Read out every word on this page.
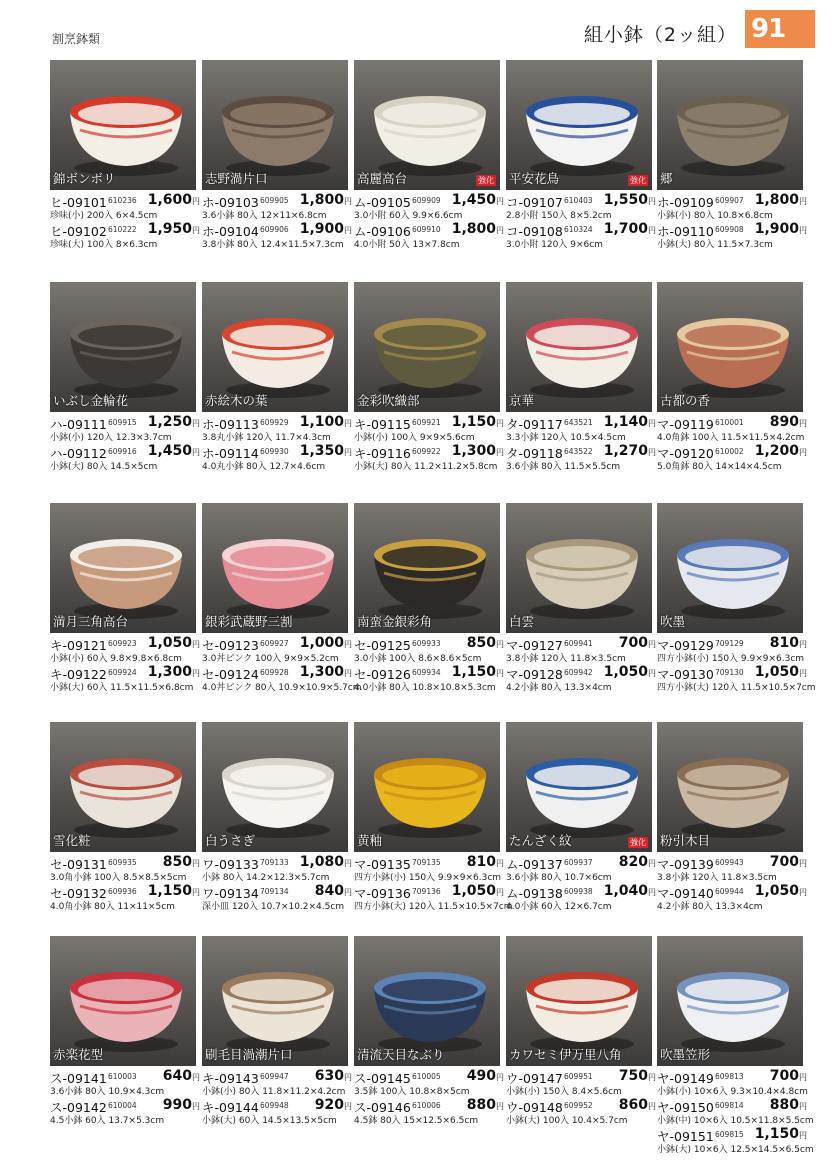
割烹鉢類	組小鉢（2ッ組） 91
錦ボンボリ
ヒ-09101 610236 1,600円
珍味(小) 200入 6×4.5cm
ヒ-09102 610222 1,950円
珍味(大) 100入 8×6.3cm
志野渦片口
ホ-09103 609905 1,800円
3.6小鉢 80入 12×11×6.8cm
ホ-09104 609906 1,900円
3.8小鉢 80入 12.4×11.5×7.3cm
高麗高台	強化
ム-09105 609909 1,450円
3.0小附 60入 9.9×6.6cm
ム-09106 609910 1,800円
4.0小附 50入 13×7.8cm
平安花鳥	強化
コ-09107 610403 1,550円
2.8小附 150入 8×5.2cm
コ-09108 610324 1,700円
3.0小附 120入 9×6cm
郷
ホ-09109 609907 1,800円
小鉢(小) 80入 10.8×6.8cm
ホ-09110 609908 1,900円
小鉢(大) 80入 11.5×7.3cm
いぶし金輪花
ハ-09111 609915 1,250円
小鉢(小) 120入 12.3×3.7cm
ハ-09112 609916 1,450円
小鉢(大) 80入 14.5×5cm
赤絵木の葉
ホ-09113 609929 1,100円
3.8丸小鉢 120入 11.7×4.3cm
ホ-09114 609930 1,350円
4.0丸小鉢 80入 12.7×4.6cm
金彩吹織部
キ-09115 609921 1,150円
小鉢(小) 100入 9×9×5.6cm
キ-09116 609922 1,300円
小鉢(大) 80入 11.2×11.2×5.8cm
京華
タ-09117 643521 1,140円
3.3小鉢 120入 10.5×4.5cm
タ-09118 643522 1,270円
3.6小鉢 80入 11.5×5.5cm
古都の香
マ-09119 610001 890円
4.0角鉢 100入 11.5×11.5×4.2cm
マ-09120 610002 1,200円
5.0角鉢 80入 14×14×4.5cm
満月三角高台
キ-09121 609923 1,050円
小鉢(小) 60入 9.8×9.8×6.8cm
キ-09122 609924 1,300円
小鉢(大) 60入 11.5×11.5×6.8cm
銀彩武蔵野三割
セ-09123 609927 1,000円
3.0丼ピンク 100入 9×9×5.2cm
セ-09124 609928 1,300円
4.0丼ピンク 80入 10.9×10.9×5.7cm
南蛮金銀彩角
セ-09125 609933 850円
3.0小鉢 100入 8.6×8.6×5cm
セ-09126 609934 1,150円
4.0小鉢 80入 10.8×10.8×5.3cm
白雲
マ-09127 609941 700円
3.8小鉢 120入 11.8×3.5cm
マ-09128 609942 1,050円
4.2小鉢 80入 13.3×4cm
吹墨
マ-09129 709129 810円
四方小鉢(小) 150入 9.9×9×6.3cm
マ-09130 709130 1,050円
四方小鉢(大) 120入 11.5×10.5×7cm
雪化粧
セ-09131 609935 850円
3.0角小鉢 100入 8.5×8.5×5cm
セ-09132 609936 1,150円
4.0角小鉢 80入 11×11×5cm
白うさぎ
ワ-09133 709133 1,080円
小鉢 80入 14.2×12.3×5.7cm
ワ-09134 709134 840円
深小皿 120入 10.7×10.2×4.5cm
黄釉
マ-09135 709135 810円
四方小鉢(小) 150入 9.9×9×6.3cm
マ-09136 709136 1,050円
四方小鉢(大) 120入 11.5×10.5×7cm
たんざく紋	強化
ム-09137 609937 820円
3.6小鉢 80入 10.7×6cm
ム-09138 609938 1,040円
4.0小鉢 60入 12×6.7cm
粉引木目
マ-09139 609943 700円
3.8小鉢 120入 11.8×3.5cm
マ-09140 609944 1,050円
4.2小鉢 80入 13.3×4cm
赤楽花型
ス-09141 610003 640円
3.6小鉢 80入 10.9×4.3cm
ス-09142 610004 990円
4.5小鉢 60入 13.7×5.3cm
刷毛目渦潮片口
キ-09143 609947 630円
小鉢(小) 80入 11.8×11.2×4.2cm
キ-09144 609948 920円
小鉢(大) 60入 14.5×13.5×5cm
清流天目なぶり
ス-09145 610005 490円
3.5鉢 100入 10.8×8×5cm
ス-09146 610006 880円
4.5鉢 80入 15×12.5×6.5cm
カワセミ伊万里八角
ウ-09147 609951 750円
小鉢(小) 150入 8.4×5.6cm
ウ-09148 609952 860円
小鉢(大) 100入 10.4×5.7cm
吹墨笠形
ヤ-09149 609813 700円
小鉢(小) 10×6入 9.3×10.4×4.8cm
ヤ-09150 609814 880円
小鉢(中) 10×6入 10.5×11.8×5.5cm
ヤ-09151 609815 1,150円
小鉢(大) 10×6入 12.5×14.5×6.5cm
